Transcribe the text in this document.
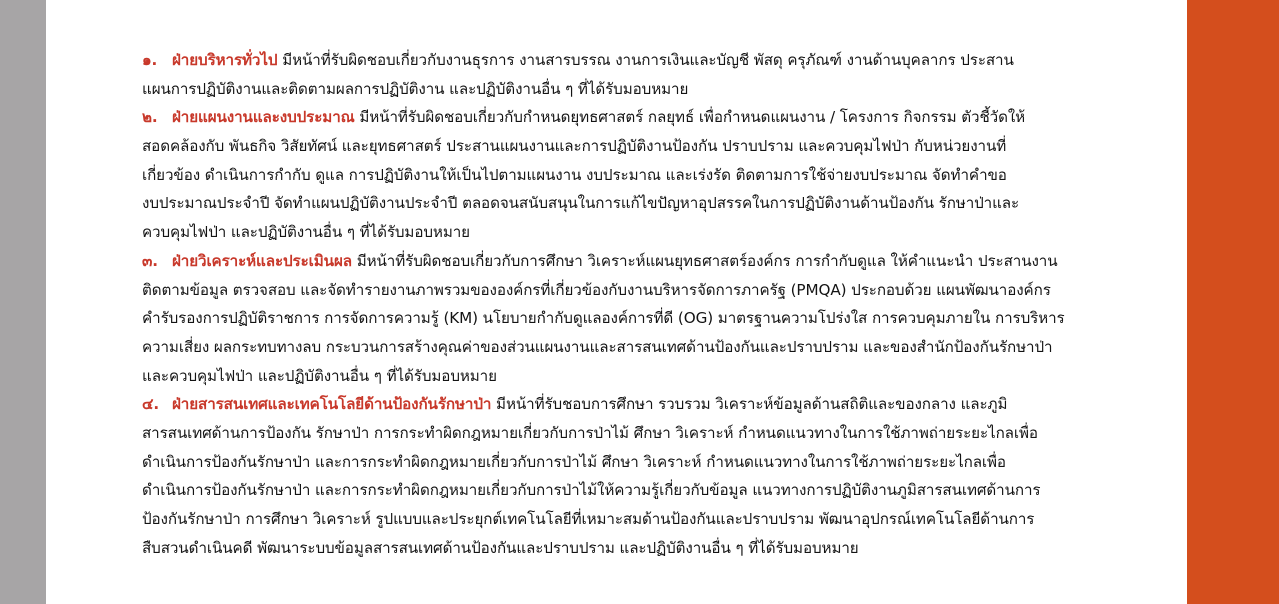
๑. ฝ่ายบริหารทั่วไป มีหน้าที่รับผิดชอบเกี่ยวกับงานธุรการ งานสารบรรณ งานการเงินและบัญชี พัสดุ ครุภัณฑ์ งานด้านบุคลากร ประสาน
แผนการปฏิบัติงานและติดตามผลการปฏิบัติงาน และปฏิบัติงานอื่น ๆ ที่ได้รับมอบหมาย
๒. ฝ่ายแผนงานและงบประมาณ มีหน้าที่รับผิดชอบเกี่ยวกับกำหนดยุทธศาสตร์ กลยุทธ์ เพื่อกำหนดแผนงาน / โครงการ กิจกรรม ตัวชี้วัดให้
สอดคล้องกับ พันธกิจ วิสัยทัศน์ และยุทธศาสตร์ ประสานแผนงานและการปฏิบัติงานป้องกัน ปราบปราม และควบคุมไฟป่า กับหน่วยงานที่
เกี่ยวข้อง ดำเนินการกำกับ ดูแล การปฏิบัติงานให้เป็นไปตามแผนงาน งบประมาณ และเร่งรัด ติดตามการใช้จ่ายงบประมาณ จัดทำคำขอ
งบประมาณประจำปี จัดทำแผนปฏิบัติงานประจำปี ตลอดจนสนับสนุนในการแก้ไขปัญหาอุปสรรคในการปฏิบัติงานด้านป้องกัน รักษาป่าและ
ควบคุมไฟป่า และปฏิบัติงานอื่น ๆ ที่ได้รับมอบหมาย
๓. ฝ่ายวิเคราะห์และประเมินผล มีหน้าที่รับผิดชอบเกี่ยวกับการศึกษา วิเคราะห์แผนยุทธศาสตร์องค์กร การกำกับดูแล ให้คำแนะนำ ประสานงาน
ติดตามข้อมูล ตรวจสอบ และจัดทำรายงานภาพรวมขององค์กรที่เกี่ยวข้องกับงานบริหารจัดการภาครัฐ (PMQA) ประกอบด้วย แผนพัฒนาองค์กร
คำรับรองการปฏิบัติราชการ การจัดการความรู้ (KM) นโยบายกำกับดูแลองค์การที่ดี (OG) มาตรฐานความโปร่งใส การควบคุมภายใน การบริหาร
ความเสี่ยง ผลกระทบทางลบ กระบวนการสร้างคุณค่าของส่วนแผนงานและสารสนเทศด้านป้องกันและปราบปราม และของสำนักป้องกันรักษาป่า
และควบคุมไฟป่า และปฏิบัติงานอื่น ๆ ที่ได้รับมอบหมาย
๔. ฝ่ายสารสนเทศและเทคโนโลยีด้านป้องกันรักษาป่า มีหน้าที่รับชอบการศึกษา รวบรวม วิเคราะห์ข้อมูลด้านสถิติและของกลาง และภูมิ
สารสนเทศด้านการป้องกัน รักษาป่า การกระทำผิดกฎหมายเกี่ยวกับการป่าไม้ ศึกษา วิเคราะห์ กำหนดแนวทางในการใช้ภาพถ่ายระยะไกลเพื่อ
ดำเนินการป้องกันรักษาป่า และการกระทำผิดกฎหมายเกี่ยวกับการป่าไม้ ศึกษา วิเคราะห์ กำหนดแนวทางในการใช้ภาพถ่ายระยะไกลเพื่อ
ดำเนินการป้องกันรักษาป่า และการกระทำผิดกฎหมายเกี่ยวกับการป่าไม้ให้ความรู้เกี่ยวกับข้อมูล แนวทางการปฏิบัติงานภูมิสารสนเทศด้านการ
ป้องกันรักษาป่า การศึกษา วิเคราะห์ รูปแบบและประยุกต์เทคโนโลยีที่เหมาะสมด้านป้องกันและปราบปราม พัฒนาอุปกรณ์เทคโนโลยีด้านการ
สืบสวนดำเนินคดี พัฒนาระบบข้อมูลสารสนเทศด้านป้องกันและปราบปราม และปฏิบัติงานอื่น ๆ ที่ได้รับมอบหมาย
